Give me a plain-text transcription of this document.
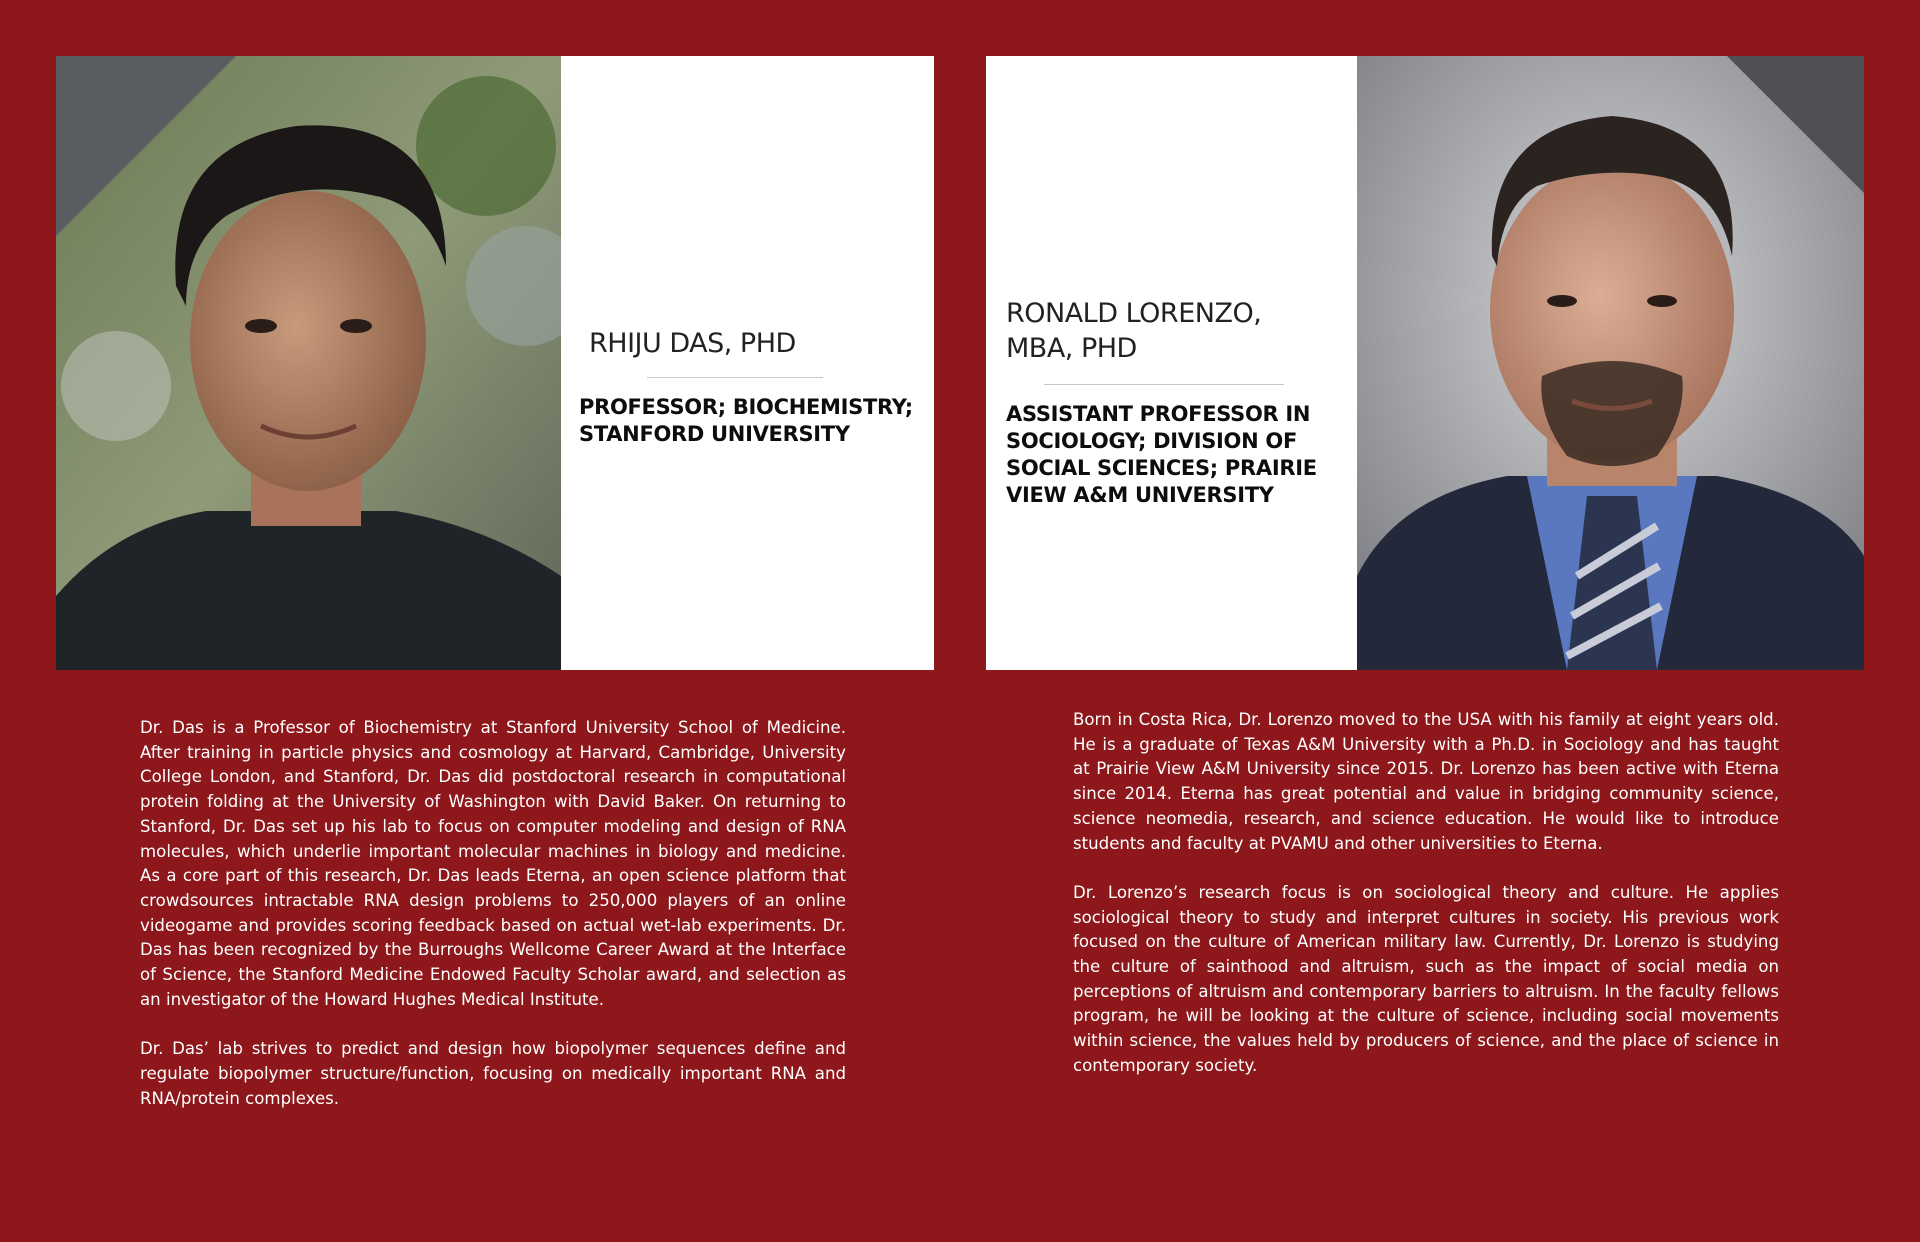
RHIJU DAS, PHD
PROFESSOR; BIOCHEMISTRY; STANFORD UNIVERSITY
RONALD LORENZO, MBA, PHD
ASSISTANT PROFESSOR IN SOCIOLOGY; DIVISION OF SOCIAL SCIENCES; PRAIRIE VIEW A&M UNIVERSITY

Dr. Das is a Professor of Biochemistry at Stanford University School of Medicine. After training in particle physics and cosmology at Harvard, Cambridge, University College London, and Stanford, Dr. Das did postdoctoral research in computational protein folding at the University of Washington with David Baker. On returning to Stanford, Dr. Das set up his lab to focus on computer modeling and design of RNA molecules, which underlie important molecular machines in biology and medicine. As a core part of this research, Dr. Das leads Eterna, an open science platform that crowdsources intractable RNA design problems to 250,000 players of an online videogame and provides scoring feedback based on actual wet-lab experiments. Dr. Das has been recognized by the Burroughs Wellcome Career Award at the Interface of Science, the Stanford Medicine Endowed Faculty Scholar award, and selection as an investigator of the Howard Hughes Medical Institute.

Dr. Das’ lab strives to predict and design how biopolymer sequences define and regulate biopolymer structure/function, focusing on medically important RNA and RNA/protein complexes.

Born in Costa Rica, Dr. Lorenzo moved to the USA with his family at eight years old. He is a graduate of Texas A&M University with a Ph.D. in Sociology and has taught at Prairie View A&M University since 2015. Dr. Lorenzo has been active with Eterna since 2014. Eterna has great potential and value in bridging community science, science neomedia, research, and science education. He would like to introduce students and faculty at PVAMU and other universities to Eterna.

Dr. Lorenzo’s research focus is on sociological theory and culture. He applies sociological theory to study and interpret cultures in society. His previous work focused on the culture of American military law. Currently, Dr. Lorenzo is studying the culture of sainthood and altruism, such as the impact of social media on perceptions of altruism and contemporary barriers to altruism. In the faculty fellows program, he will be looking at the culture of science, including social movements within science, the values held by producers of science, and the place of science in contemporary society.
